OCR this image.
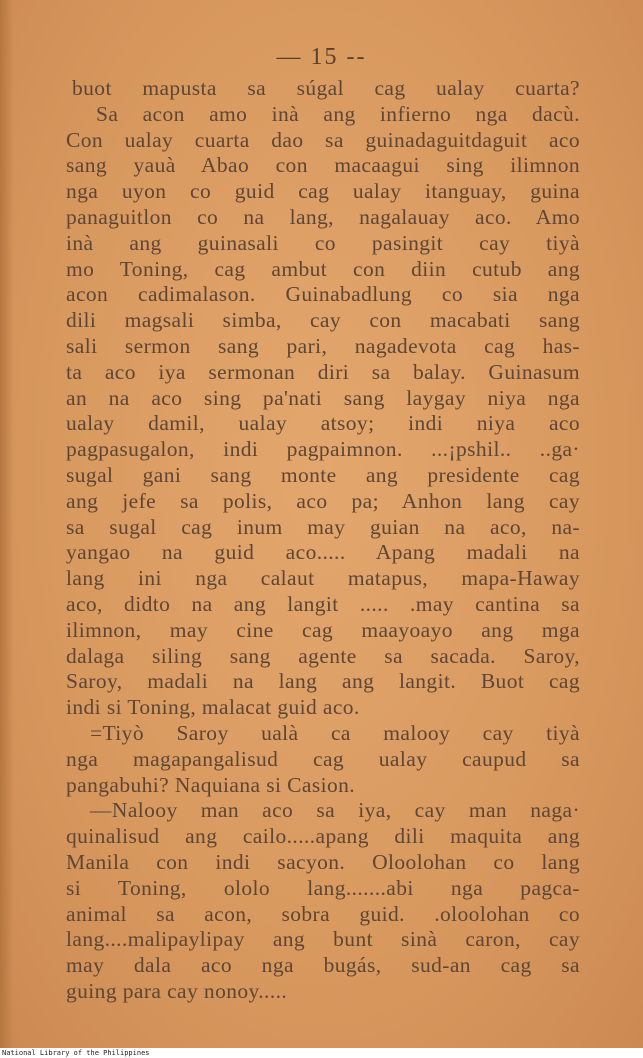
— 15 --
buot mapusta sa súgal cag ualay cuarta?
Sa acon amo inà ang infierno nga dacù.
Con ualay cuarta dao sa guinadaguitdaguit aco
sang yauà Abao con macaagui sing ilimnon
nga uyon co guid cag ualay itanguay, guina
panaguitlon co na lang, nagalauay aco. Amo
inà ang guinasali co pasingit cay tiyà
mo Toning, cag ambut con diin cutub ang
acon cadimalason. Guinabadlung co sia nga
dili magsali simba, cay con macabati sang
sali sermon sang pari, nagadevota cag has-
ta aco iya sermonan diri sa balay. Guinasum
an na aco sing pa'nati sang laygay niya nga
ualay damil, ualay atsoy; indi niya aco
pagpasugalon, indi pagpaimnon. ...¡pshil.. ..ga·
sugal gani sang monte ang presidente cag
ang jefe sa polis, aco pa; Anhon lang cay
sa sugal cag inum may guian na aco, na-
yangao na guid aco..... Apang madali na
lang ini nga calaut matapus, mapa-Haway
aco, didto na ang langit ..... .may cantina sa
ilimnon, may cine cag maayoayo ang mga
dalaga siling sang agente sa sacada. Saroy,
Saroy, madali na lang ang langit. Buot cag
indi si Toning, malacat guid aco.
=Tiyò Saroy ualà ca malooy cay tiyà
nga magapangalisud cag ualay caupud sa
pangabuhi? Naquiana si Casion.
—Nalooy man aco sa iya, cay man naga·
quinalisud ang cailo.....apang dili maquita ang
Manila con indi sacyon. Oloolohan co lang
si Toning, ololo lang.......abi nga pagca-
animal sa acon, sobra guid. .oloolohan co
lang....malipaylipay ang bunt sinà caron, cay
may dala aco nga bugás, sud-an cag sa
guing para cay nonoy.....
National Library of the Philippines
